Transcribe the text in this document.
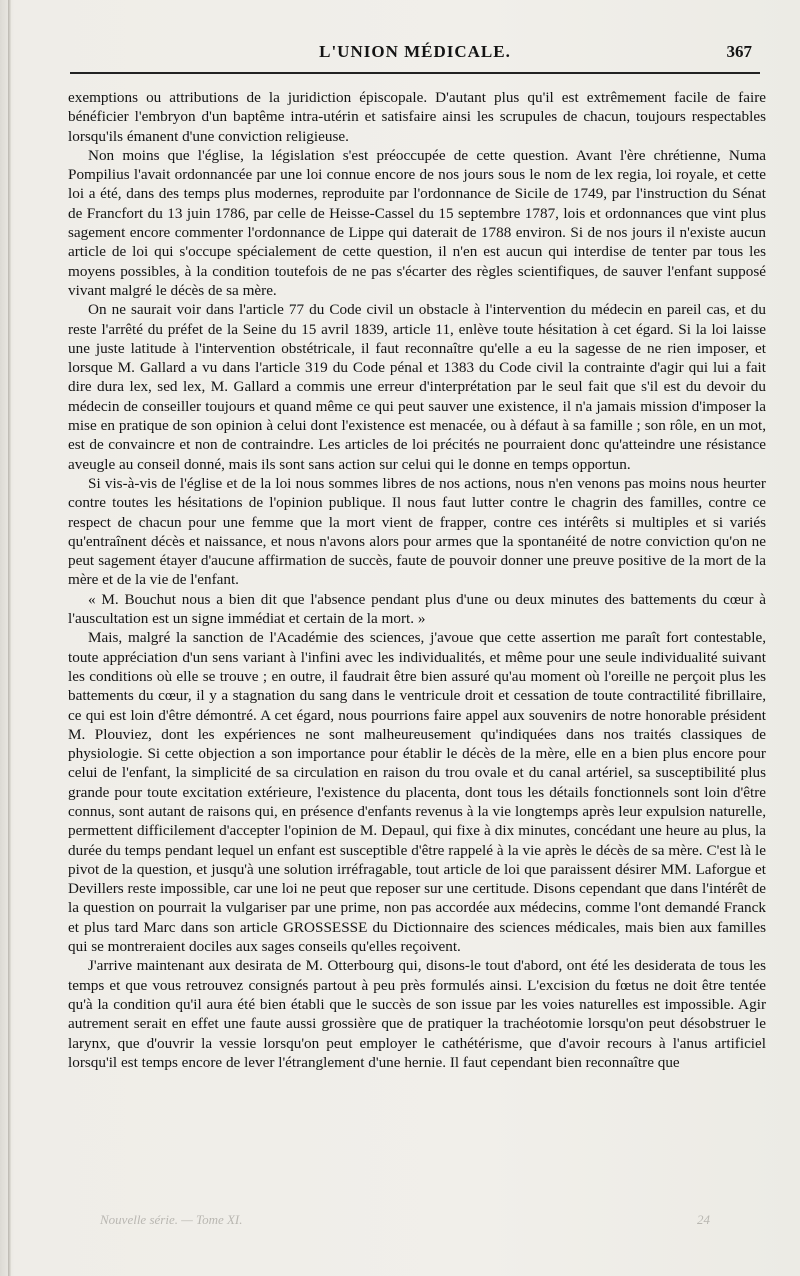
L'UNION MÉDICALE.	367

exemptions ou attributions de la juridiction épiscopale. D'autant plus qu'il est extrêmement facile de faire bénéficier l'embryon d'un baptême intra-utérin et satisfaire ainsi les scrupules de chacun, toujours respectables lorsqu'ils émanent d'une conviction religieuse.

Non moins que l'église, la législation s'est préoccupée de cette question. Avant l'ère chrétienne, Numa Pompilius l'avait ordonnancée par une loi connue encore de nos jours sous le nom de lex regia, loi royale, et cette loi a été, dans des temps plus modernes, reproduite par l'ordonnance de Sicile de 1749, par l'instruction du Sénat de Francfort du 13 juin 1786, par celle de Heisse-Cassel du 15 septembre 1787, lois et ordonnances que vint plus sagement encore commenter l'ordonnance de Lippe qui daterait de 1788 environ. Si de nos jours il n'existe aucun article de loi qui s'occupe spécialement de cette question, il n'en est aucun qui interdise de tenter par tous les moyens possibles, à la condition toutefois de ne pas s'écarter des règles scientifiques, de sauver l'enfant supposé vivant malgré le décès de sa mère.

On ne saurait voir dans l'article 77 du Code civil un obstacle à l'intervention du médecin en pareil cas, et du reste l'arrêté du préfet de la Seine du 15 avril 1839, article 11, enlève toute hésitation à cet égard. Si la loi laisse une juste latitude à l'intervention obstétricale, il faut reconnaître qu'elle a eu la sagesse de ne rien imposer, et lorsque M. Gallard a vu dans l'article 319 du Code pénal et 1383 du Code civil la contrainte d'agir qui lui a fait dire dura lex, sed lex, M. Gallard a commis une erreur d'interprétation par le seul fait que s'il est du devoir du médecin de conseiller toujours et quand même ce qui peut sauver une existence, il n'a jamais mission d'imposer la mise en pratique de son opinion à celui dont l'existence est menacée, ou à défaut à sa famille ; son rôle, en un mot, est de convaincre et non de contraindre. Les articles de loi précités ne pourraient donc qu'atteindre une résistance aveugle au conseil donné, mais ils sont sans action sur celui qui le donne en temps opportun.

Si vis-à-vis de l'église et de la loi nous sommes libres de nos actions, nous n'en venons pas moins nous heurter contre toutes les hésitations de l'opinion publique. Il nous faut lutter contre le chagrin des familles, contre ce respect de chacun pour une femme que la mort vient de frapper, contre ces intérêts si multiples et si variés qu'entraînent décès et naissance, et nous n'avons alors pour armes que la spontanéité de notre conviction qu'on ne peut sagement étayer d'aucune affirmation de succès, faute de pouvoir donner une preuve positive de la mort de la mère et de la vie de l'enfant.

« M. Bouchut nous a bien dit que l'absence pendant plus d'une ou deux minutes des battements du cœur à l'auscultation est un signe immédiat et certain de la mort. »

Mais, malgré la sanction de l'Académie des sciences, j'avoue que cette assertion me paraît fort contestable, toute appréciation d'un sens variant à l'infini avec les individualités, et même pour une seule individualité suivant les conditions où elle se trouve ; en outre, il faudrait être bien assuré qu'au moment où l'oreille ne perçoit plus les battements du cœur, il y a stagnation du sang dans le ventricule droit et cessation de toute contractilité fibrillaire, ce qui est loin d'être démontré. A cet égard, nous pourrions faire appel aux souvenirs de notre honorable président M. Plouviez, dont les expériences ne sont malheureusement qu'indiquées dans nos traités classiques de physiologie. Si cette objection a son importance pour établir le décès de la mère, elle en a bien plus encore pour celui de l'enfant, la simplicité de sa circulation en raison du trou ovale et du canal artériel, sa susceptibilité plus grande pour toute excitation extérieure, l'existence du placenta, dont tous les détails fonctionnels sont loin d'être connus, sont autant de raisons qui, en présence d'enfants revenus à la vie longtemps après leur expulsion naturelle, permettent difficilement d'accepter l'opinion de M. Depaul, qui fixe à dix minutes, concédant une heure au plus, la durée du temps pendant lequel un enfant est susceptible d'être rappelé à la vie après le décès de sa mère. C'est là le pivot de la question, et jusqu'à une solution irréfragable, tout article de loi que paraissent désirer MM. Laforgue et Devillers reste impossible, car une loi ne peut que reposer sur une certitude. Disons cependant que dans l'intérêt de la question on pourrait la vulgariser par une prime, non pas accordée aux médecins, comme l'ont demandé Franck et plus tard Marc dans son article GROSSESSE du Dictionnaire des sciences médicales, mais bien aux familles qui se montreraient dociles aux sages conseils qu'elles reçoivent.

J'arrive maintenant aux desirata de M. Otterbourg qui, disons-le tout d'abord, ont été les desiderata de tous les temps et que vous retrouvez consignés partout à peu près formulés ainsi. L'excision du fœtus ne doit être tentée qu'à la condition qu'il aura été bien établi que le succès de son issue par les voies naturelles est impossible. Agir autrement serait en effet une faute aussi grossière que de pratiquer la trachéotomie lorsqu'on peut désobstruer le larynx, que d'ouvrir la vessie lorsqu'on peut employer le cathétérisme, que d'avoir recours à l'anus artificiel lorsqu'il est temps encore de lever l'étranglement d'une hernie. Il faut cependant bien reconnaître que

Nouvelle série. — Tome XI.	24
